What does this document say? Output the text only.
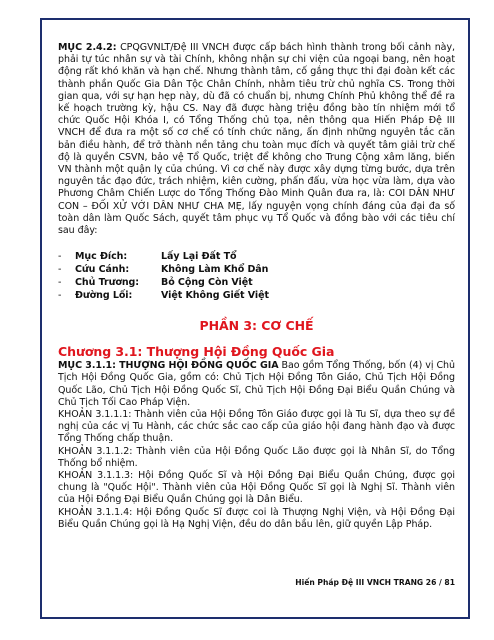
MỤC 2.4.2: CPQGVNLT/Đệ III VNCH được cấp bách hình thành trong bối cảnh này, phải tự túc nhân sự và tài Chính, không nhận sự chi viện của ngoại bang, nên hoạt động rất khó khăn và hạn chế. Nhưng thành tâm, cố gắng thực thi đại đoàn kết các thành phần Quốc Gia Dân Tộc Chân Chính, nhằm tiêu trừ chủ nghĩa CS. Trong thời gian qua, với sự hạn hẹp này, dù đã có chuẩn bị, nhưng Chính Phủ không thể đề ra kế hoạch trường kỳ, hậu CS. Nay đã được hàng triệu đồng bào tín nhiệm mới tổ chức Quốc Hội Khóa I, có Tổng Thống chủ tọa, nên thông qua Hiến Pháp Đệ III VNCH để đưa ra một số cơ chế có tính chức năng, ấn định những nguyên tắc căn bản điều hành, để trở thành nền tảng chu toàn mục đích và quyết tâm giải trừ chế độ là quyền CSVN, bảo vệ Tổ Quốc, triệt để không cho Trung Cộng xâm lăng, biến VN thành một quận lỵ của chúng. Vì cơ chế này được xây dựng từng bước, dựa trên nguyên tắc đạo đức, trách nhiệm, kiên cường, phấn đấu, vừa học vừa làm, dựa vào Phương Châm Chiến Lược do Tổng Thống Đào Minh Quân đưa ra, là: COI DÂN NHƯ CON – ĐỐI XỬ VỚI DÂN NHƯ CHA MẸ, lấy nguyện vọng chính đáng của đại đa số toàn dân làm Quốc Sách, quyết tâm phục vụ Tổ Quốc và đồng bào với các tiêu chí sau đây:

-	Mục Đích:	Lấy Lại Đất Tổ
-	Cứu Cánh:	Không Làm Khổ Dân
-	Chủ Trương:	Bỏ Cộng Còn Việt
-	Đường Lối:	Việt Không Giết Việt
PHẦN 3: CƠ CHẾ
Chương 3.1: Thượng Hội Đồng Quốc Gia

MỤC 3.1.1: THƯỢNG HỘI ĐỒNG QUỐC GIA Bao gồm Tổng Thống, bốn (4) vị Chủ Tịch Hội Đồng Quốc Gia, gồm có: Chủ Tịch Hội Đồng Tôn Giáo, Chủ Tịch Hội Đồng Quốc Lão, Chủ Tịch Hội Đồng Quốc Sĩ, Chủ Tịch Hội Đồng Đại Biểu Quần Chúng và Chủ Tịch Tối Cao Pháp Viện.

KHOẢN 3.1.1.1: Thành viên của Hội Đồng Tôn Giáo được gọi là Tu Sĩ, dựa theo sự đề nghị của các vị Tu Hành, các chức sắc cao cấp của giáo hội đang hành đạo và được Tổng Thống chấp thuận.

KHOẢN 3.1.1.2: Thành viên của Hội Đồng Quốc Lão được gọi là Nhân Sĩ, do Tổng Thống bổ nhiệm.

KHOẢN 3.1.1.3: Hội Đồng Quốc Sĩ và Hội Đồng Đại Biểu Quần Chúng, được gọi chung là "Quốc Hội". Thành viên của Hội Đồng Quốc Sĩ gọi là Nghị Sĩ. Thành viên của Hội Đồng Đại Biểu Quần Chúng gọi là Dân Biểu.

KHOẢN 3.1.1.4: Hội Đồng Quốc Sĩ được coi là Thượng Nghị Viện, và Hội Đồng Đại Biểu Quần Chúng gọi là Hạ Nghị Viện, đều do dân bầu lên, giữ quyền Lập Pháp.

Hiến Pháp Đệ III VNCH TRANG 26 / 81
